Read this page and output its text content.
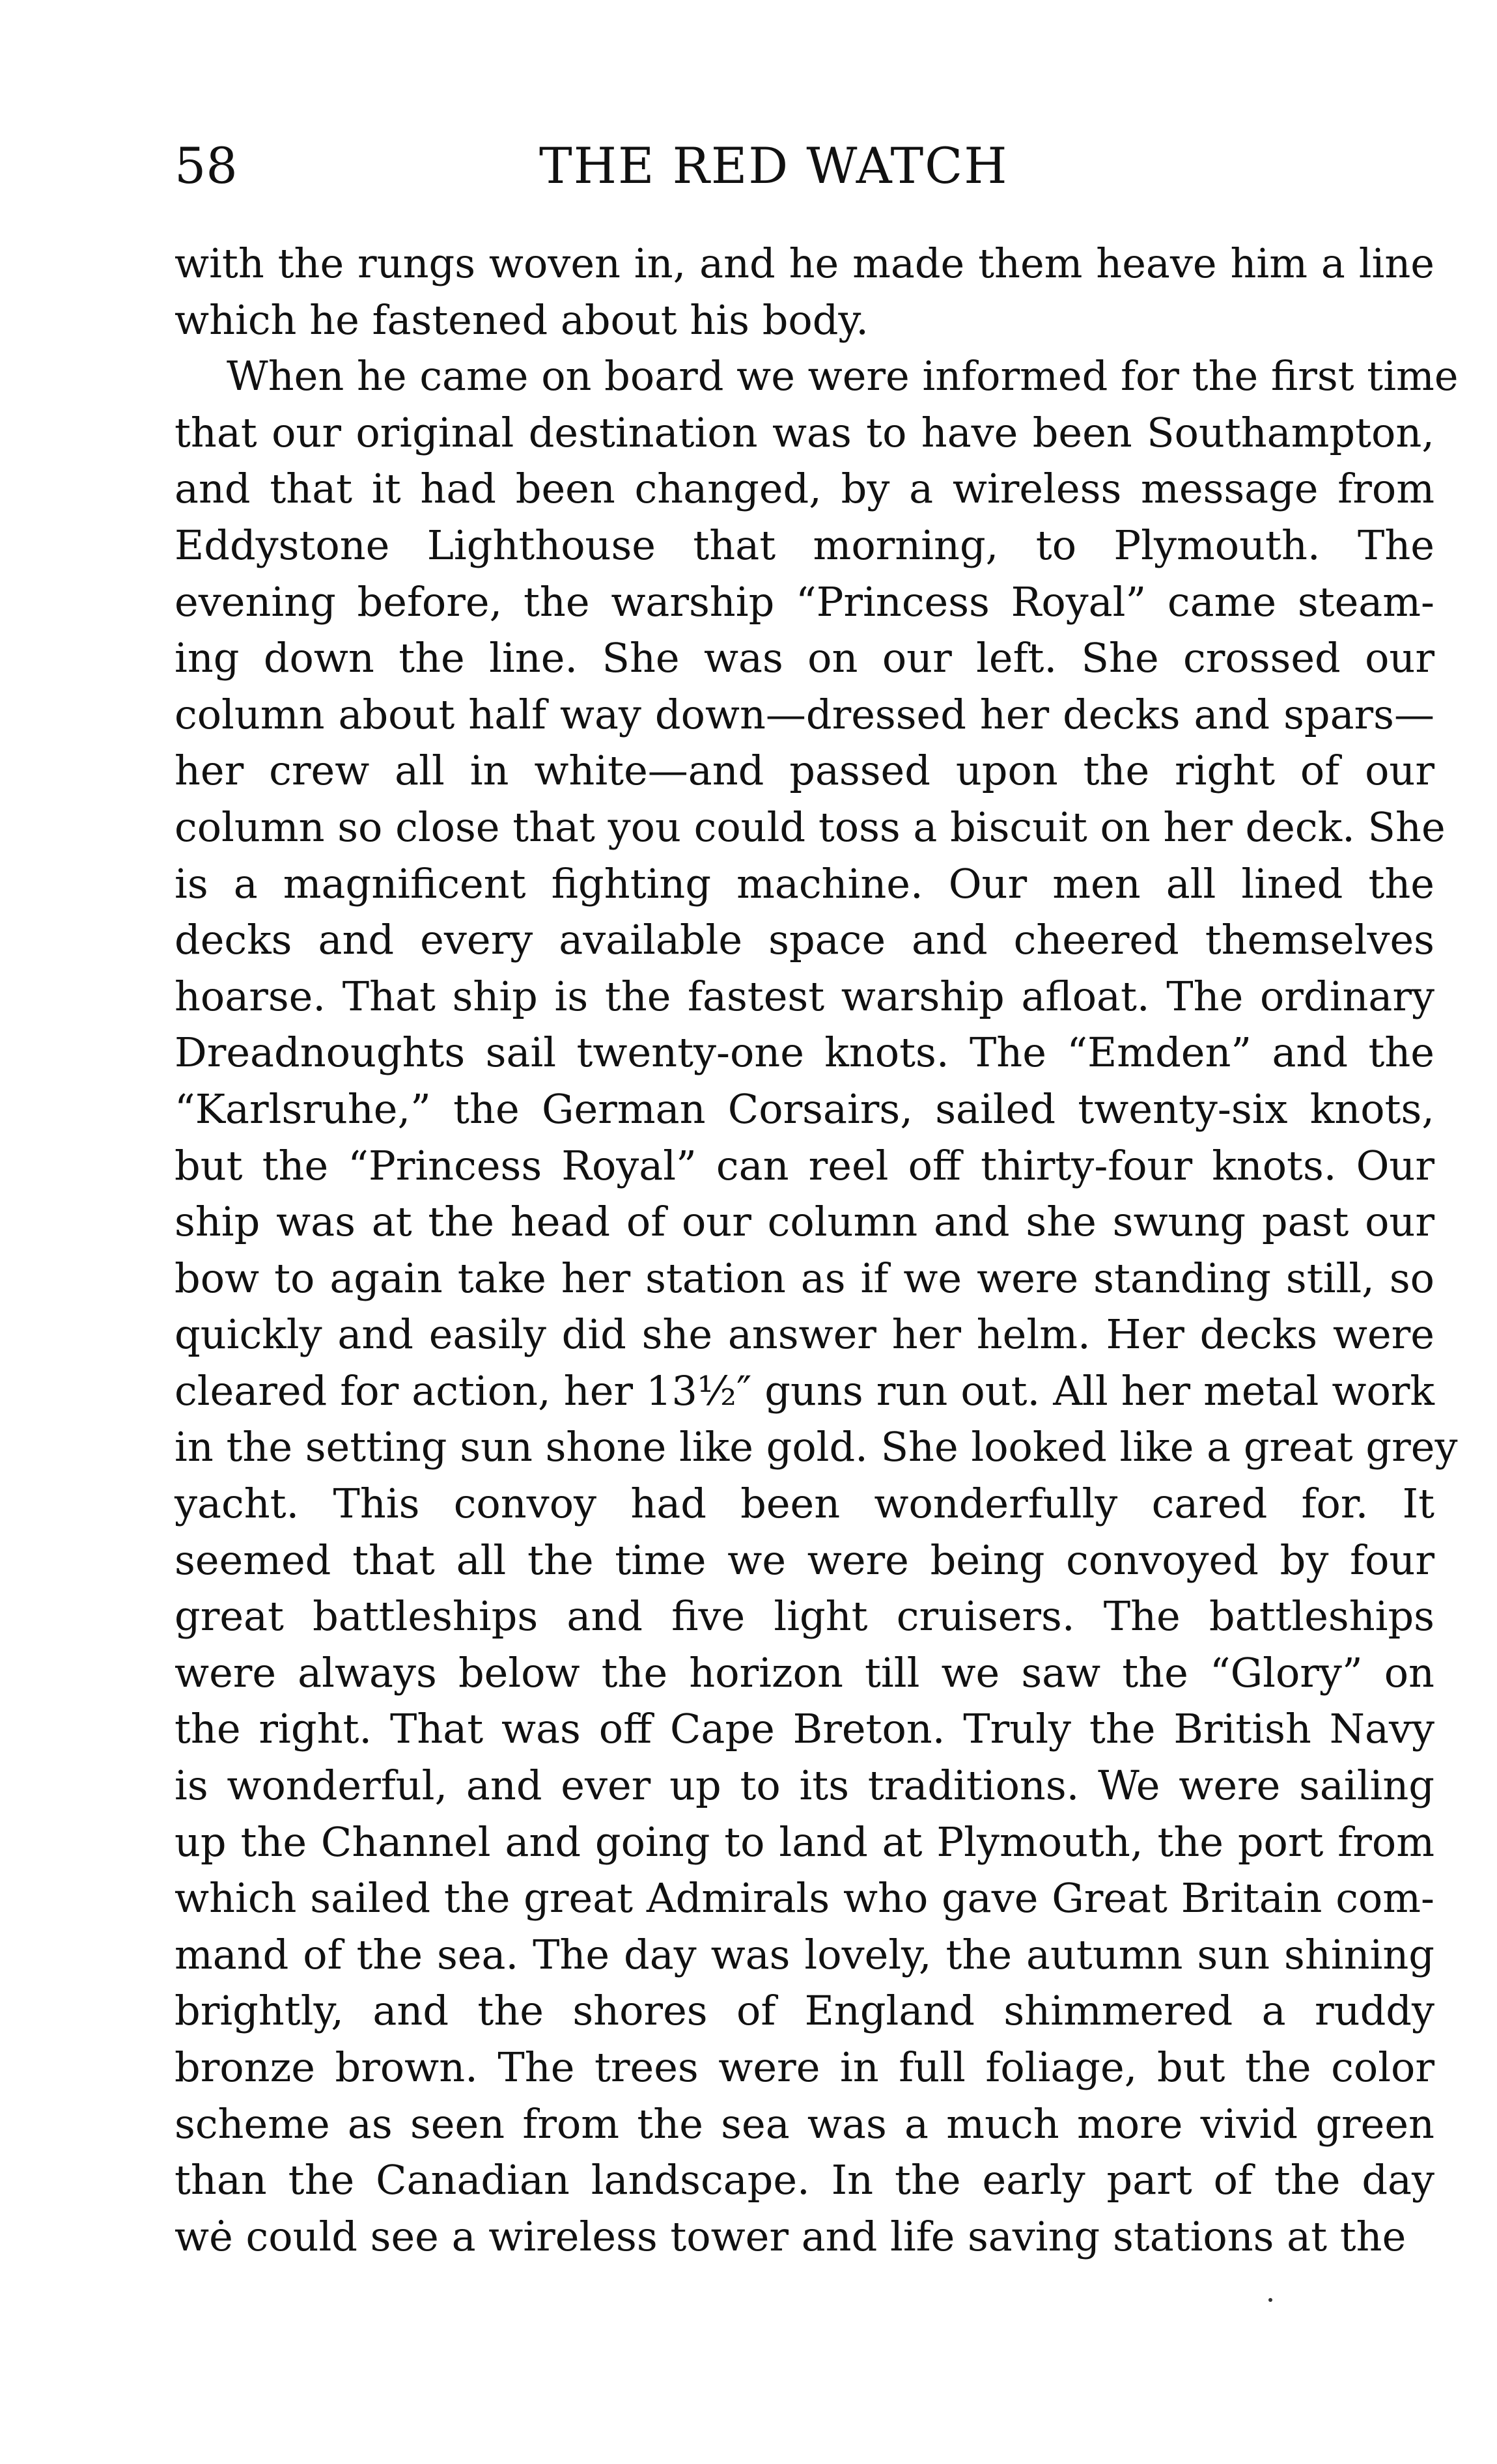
58	THE RED WATCH
with the rungs woven in, and he made them heave him a line
which he fastened about his body.
When he came on board we were informed for the first time
that our original destination was to have been Southampton,
and that it had been changed, by a wireless message from
Eddystone Lighthouse that morning, to Plymouth. The
evening before, the warship “Princess Royal” came steam-
ing down the line. She was on our left. She crossed our
column about half way down—dressed her decks and spars—
her crew all in white—and passed upon the right of our
column so close that you could toss a biscuit on her deck. She
is a magnificent fighting machine. Our men all lined the
decks and every available space and cheered themselves
hoarse. That ship is the fastest warship afloat. The ordinary
Dreadnoughts sail twenty-one knots. The “Emden” and the
“Karlsruhe,” the German Corsairs, sailed twenty-six knots,
but the “Princess Royal” can reel off thirty-four knots. Our
ship was at the head of our column and she swung past our
bow to again take her station as if we were standing still, so
quickly and easily did she answer her helm. Her decks were
cleared for action, her 13½″ guns run out. All her metal work
in the setting sun shone like gold. She looked like a great grey
yacht. This convoy had been wonderfully cared for. It
seemed that all the time we were being convoyed by four
great battleships and five light cruisers. The battleships
were always below the horizon till we saw the “Glory” on
the right. That was off Cape Breton. Truly the British Navy
is wonderful, and ever up to its traditions. We were sailing
up the Channel and going to land at Plymouth, the port from
which sailed the great Admirals who gave Great Britain com-
mand of the sea. The day was lovely, the autumn sun shining
brightly, and the shores of England shimmered a ruddy
bronze brown. The trees were in full foliage, but the color
scheme as seen from the sea was a much more vivid green
than the Canadian landscape. In the early part of the day
wė could see a wireless tower and life saving stations at the
